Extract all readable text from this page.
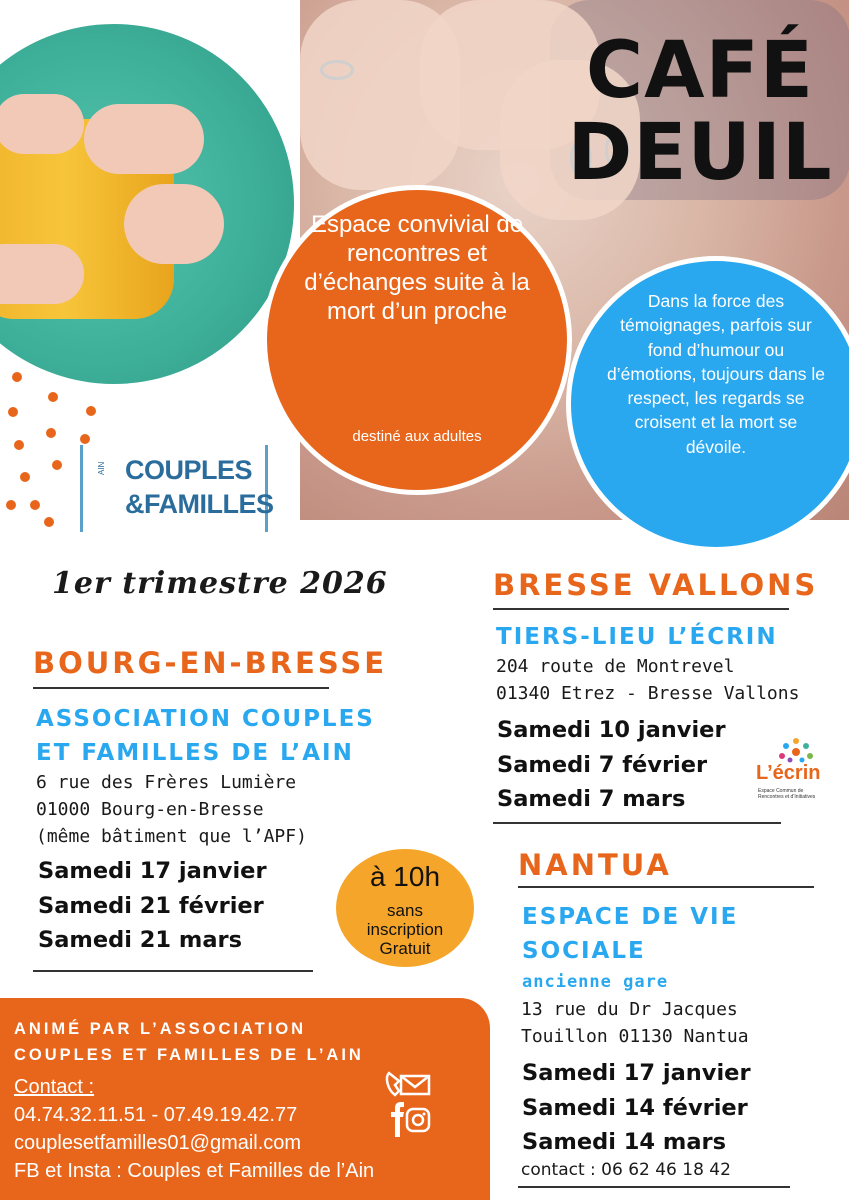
CAFÉ
DEUIL
Espace convivial de rencontres et d’échanges suite à la mort d’un proche
destiné aux adultes
Dans la force des témoignages, parfois sur fond d’humour ou d’émotions, toujours dans le respect, les regards se croisent et la mort se dévoile.
AIN COUPLES
&FAMILLES
1er trimestre 2026
BOURG-EN-BRESSE
ASSOCIATION COUPLES
ET FAMILLES DE L’AIN
6 rue des Frères Lumière
01000 Bourg-en-Bresse
(même bâtiment que l’APF)
Samedi 17 janvier
Samedi 21 février
Samedi 21 mars
à 10h
sans
inscription
Gratuit
BRESSE VALLONS
TIERS-LIEU L’ÉCRIN
204 route de Montrevel
01340 Etrez - Bresse Vallons
Samedi 10 janvier
Samedi 7 février
Samedi 7 mars
L’écrin
Espace Commun de Rencontres et d’Initiatives
NANTUA
ESPACE DE VIE
SOCIALE
ancienne gare
13 rue du Dr Jacques
Touillon 01130 Nantua
Samedi 17 janvier
Samedi 14 février
Samedi 14 mars
contact : 06 62 46 18 42
ANIMÉ PAR L’ASSOCIATION
COUPLES ET FAMILLES DE L’AIN
Contact :
04.74.32.11.51 - 07.49.19.42.77
couplesetfamilles01@gmail.com
FB et Insta : Couples et Familles de l’Ain
